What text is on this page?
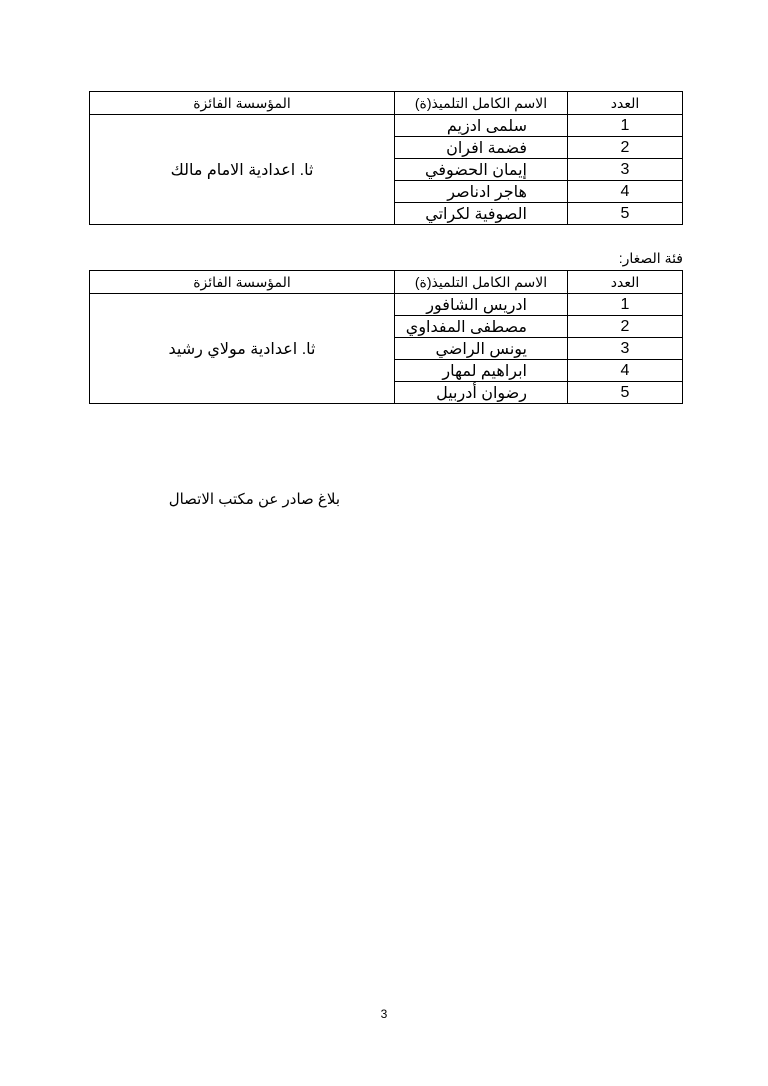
العدد	الاسم الكامل التلميذ(ة)	المؤسسة الفائزة
1	سلمى ادزيم	ثا. اعدادية الامام مالك
2	فضمة افران	
3	إيمان الحضوفي	
4	هاجر ادناصر	
5	الصوفية لكراتي	
فئة الصغار:
العدد	الاسم الكامل التلميذ(ة)	المؤسسة الفائزة
1	ادريس الشافور	ثا. اعدادية مولاي رشيد
2	مصطفى المفداوي	
3	يونس الراضي	
4	ابراهيم لمهار	
5	رضوان أدربيل	
بلاغ صادر عن مكتب الاتصال
3
